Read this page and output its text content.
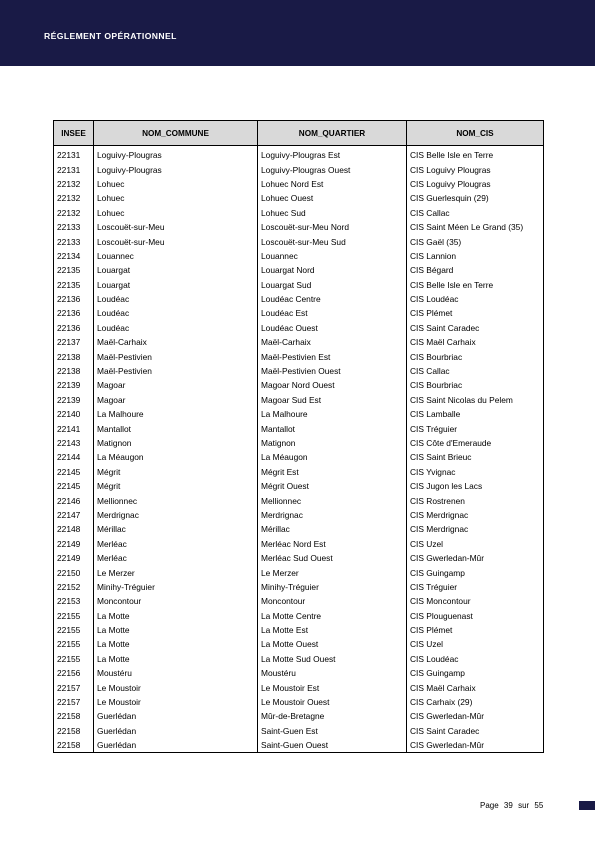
RÉGLEMENT OPÉRATIONNEL
INSEE	NOM_COMMUNE	NOM_QUARTIER	NOM_CIS
22131	Loguivy-Plougras	Loguivy-Plougras Est	CIS Belle Isle en Terre
22131	Loguivy-Plougras	Loguivy-Plougras Ouest	CIS Loguivy Plougras
22132	Lohuec	Lohuec Nord Est	CIS Loguivy Plougras
22132	Lohuec	Lohuec Ouest	CIS Guerlesquin (29)
22132	Lohuec	Lohuec Sud	CIS Callac
22133	Loscouët-sur-Meu	Loscouët-sur-Meu Nord	CIS Saint Méen Le Grand (35)
22133	Loscouët-sur-Meu	Loscouët-sur-Meu Sud	CIS Gaël (35)
22134	Louannec	Louannec	CIS Lannion
22135	Louargat	Louargat Nord	CIS Bégard
22135	Louargat	Louargat Sud	CIS Belle Isle en Terre
22136	Loudéac	Loudéac Centre	CIS Loudéac
22136	Loudéac	Loudéac Est	CIS Plémet
22136	Loudéac	Loudéac Ouest	CIS Saint Caradec
22137	Maël-Carhaix	Maël-Carhaix	CIS Maël Carhaix
22138	Maël-Pestivien	Maël-Pestivien Est	CIS Bourbriac
22138	Maël-Pestivien	Maël-Pestivien Ouest	CIS Callac
22139	Magoar	Magoar Nord Ouest	CIS Bourbriac
22139	Magoar	Magoar Sud Est	CIS Saint Nicolas du Pelem
22140	La Malhoure	La Malhoure	CIS Lamballe
22141	Mantallot	Mantallot	CIS Tréguier
22143	Matignon	Matignon	CIS Côte d'Emeraude
22144	La Méaugon	La Méaugon	CIS Saint Brieuc
22145	Mégrit	Mégrit Est	CIS Yvignac
22145	Mégrit	Mégrit Ouest	CIS Jugon les Lacs
22146	Mellionnec	Mellionnec	CIS Rostrenen
22147	Merdrignac	Merdrignac	CIS Merdrignac
22148	Mérillac	Mérillac	CIS Merdrignac
22149	Merléac	Merléac Nord Est	CIS Uzel
22149	Merléac	Merléac Sud Ouest	CIS Gwerledan-Mûr
22150	Le Merzer	Le Merzer	CIS Guingamp
22152	Minihy-Tréguier	Minihy-Tréguier	CIS Tréguier
22153	Moncontour	Moncontour	CIS Moncontour
22155	La Motte	La Motte Centre	CIS Plouguenast
22155	La Motte	La Motte Est	CIS Plémet
22155	La Motte	La Motte Ouest	CIS Uzel
22155	La Motte	La Motte Sud Ouest	CIS Loudéac
22156	Moustéru	Moustéru	CIS Guingamp
22157	Le Moustoir	Le Moustoir Est	CIS Maël Carhaix
22157	Le Moustoir	Le Moustoir Ouest	CIS Carhaix (29)
22158	Guerlédan	Mûr-de-Bretagne	CIS Gwerledan-Mûr
22158	Guerlédan	Saint-Guen Est	CIS Saint Caradec
22158	Guerlédan	Saint-Guen Ouest	CIS Gwerledan-Mûr
Page 39 sur 55
